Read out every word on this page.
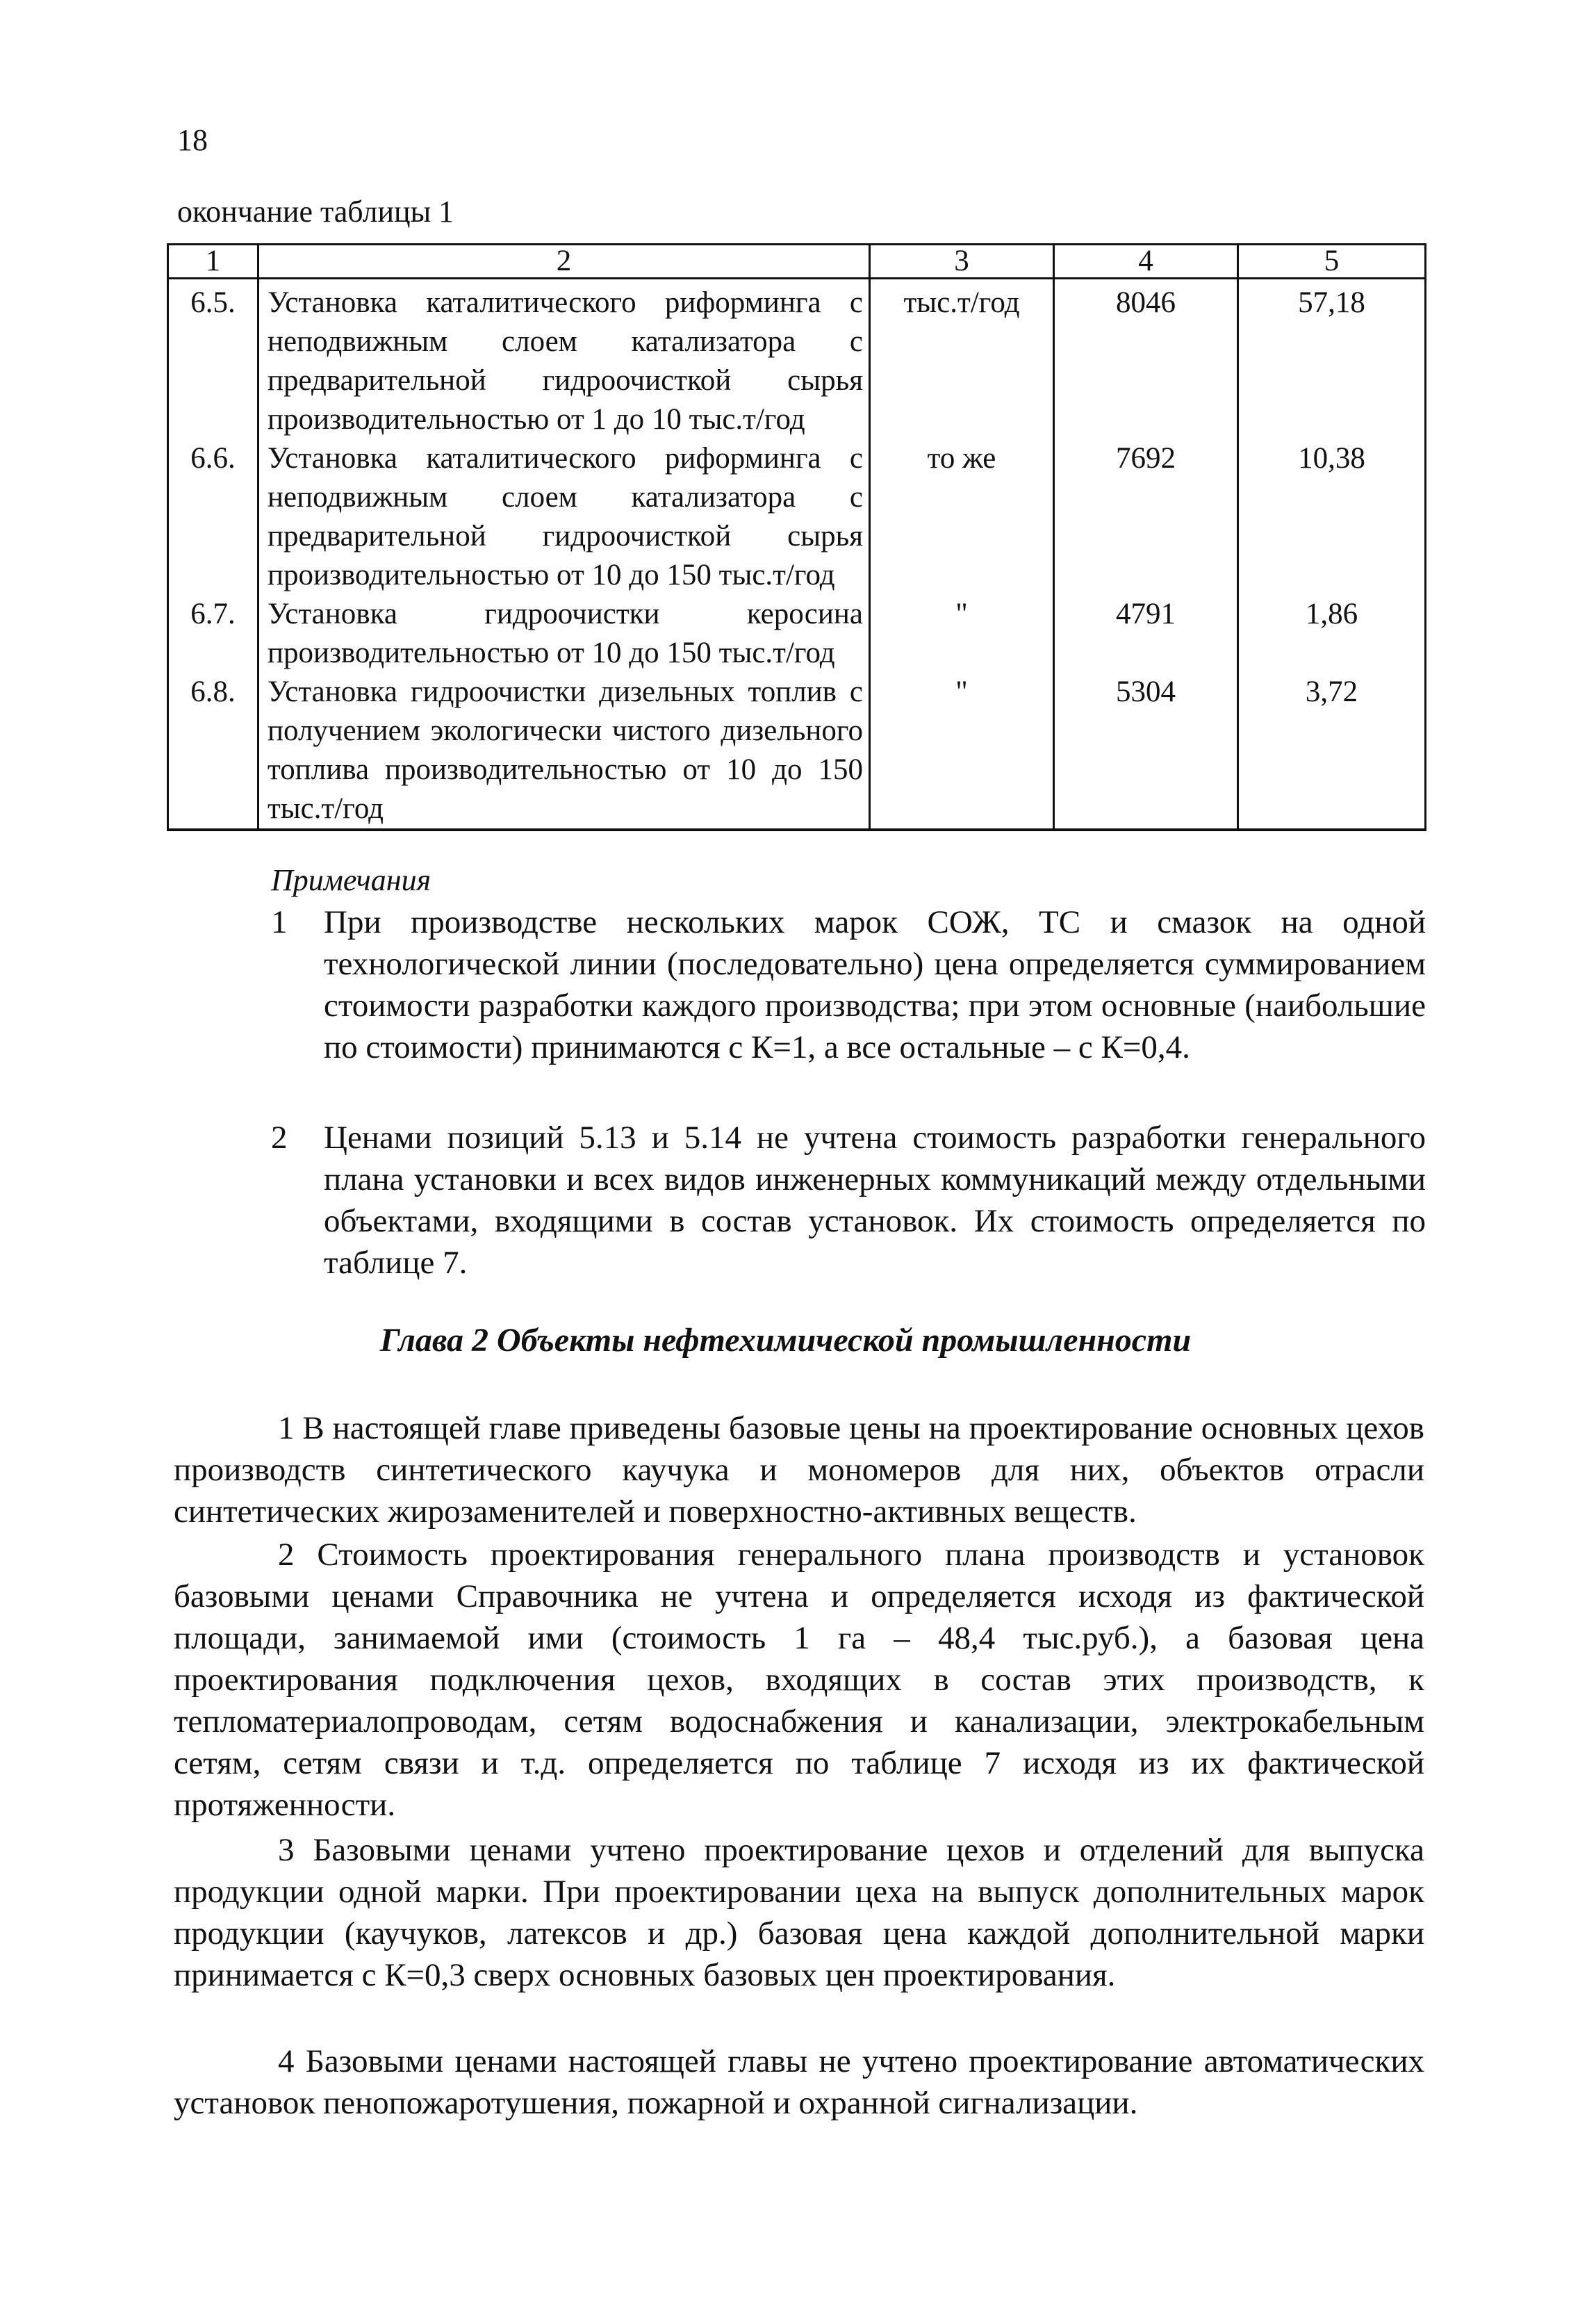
18
окончание таблицы 1
1	2	3	4	5
6.5.	Установка каталитического риформинга с неподвижным слоем катализатора с предварительной гидроочисткой сырья производительностью от 1 до 10 тыс.т/год	тыс.т/год	8046	57,18
6.6.	Установка каталитического риформинга с неподвижным слоем катализатора с предварительной гидроочисткой сырья производительностью от 10 до 150 тыс.т/год	то же	7692	10,38
6.7.	Установка гидроочистки керосина производительностью от 10 до 150 тыс.т/год	"	4791	1,86
6.8.	Установка гидроочистки дизельных топлив с получением экологически чистого дизельного топлива производительностью от 10 до 150 тыс.т/год	"	5304	3,72
Примечания
1 При производстве нескольких марок СОЖ, ТС и смазок на одной технологической линии (последовательно) цена определяется суммированием стоимости разработки каждого производства; при этом основные (наибольшие по стоимости) принимаются с К=1, а все остальные – с К=0,4.
2 Ценами позиций 5.13 и 5.14 не учтена стоимость разработки генерального плана установки и всех видов инженерных коммуникаций между отдельными объектами, входящими в состав установок. Их стоимость определяется по таблице 7.
Глава 2 Объекты нефтехимической промышленности

1 В настоящей главе приведены базовые цены на проектирование основных цехов производств синтетического каучука и мономеров для них, объектов отрасли синтетических жирозаменителей и поверхностно-активных веществ.

2 Стоимость проектирования генерального плана производств и установок базовыми ценами Справочника не учтена и определяется исходя из фактической площади, занимаемой ими (стоимость 1 га – 48,4 тыс.руб.), а базовая цена проектирования подключения цехов, входящих в состав этих производств, к тепломатериалопроводам, сетям водоснабжения и канализации, электрокабельным сетям, сетям связи и т.д. определяется по таблице 7 исходя из их фактической протяженности.

3 Базовыми ценами учтено проектирование цехов и отделений для выпуска продукции одной марки. При проектировании цеха на выпуск дополнительных марок продукции (каучуков, латексов и др.) базовая цена каждой дополнительной марки принимается с К=0,3 сверх основных базовых цен проектирования.

4 Базовыми ценами настоящей главы не учтено проектирование автоматических установок пенопожаротушения, пожарной и охранной сигнализации.
